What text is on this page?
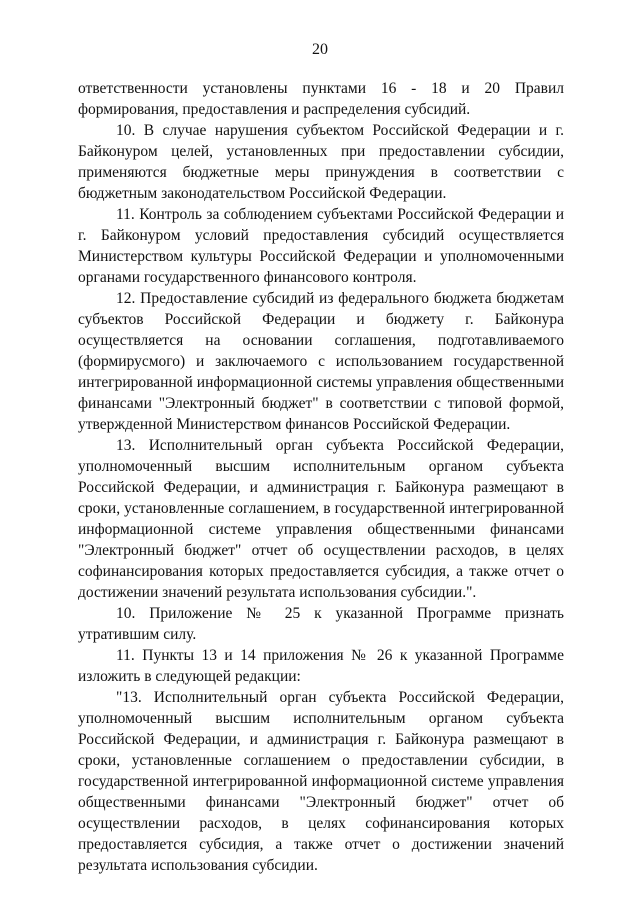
20

ответственности установлены пунктами 16 - 18 и 20 Правил формирования, предоставления и распределения субсидий.

10. В случае нарушения субъектом Российской Федерации и г. Байконуром целей, установленных при предоставлении субсидии, применяются бюджетные меры принуждения в соответствии с бюджетным законодательством Российской Федерации.

11. Контроль за соблюдением субъектами Российской Федерации и г. Байконуром условий предоставления субсидий осуществляется Министерством культуры Российской Федерации и уполномоченными органами государственного финансового контроля.

12. Предоставление субсидий из федерального бюджета бюджетам субъектов Российской Федерации и бюджету г. Байконура осуществляется на основании соглашения, подготавливаемого (формирусмого) и заключаемого с использованием государственной интегрированной информационной системы управления общественными финансами "Электронный бюджет" в соответствии с типовой формой, утвержденной Министерством финансов Российской Федерации.

13. Исполнительный орган субъекта Российской Федерации, уполномоченный высшим исполнительным органом субъекта Российской Федерации, и администрация г. Байконура размещают в сроки, установленные соглашением, в государственной интегрированной информационной системе управления общественными финансами "Электронный бюджет" отчет об осуществлении расходов, в целях софинансирования которых предоставляется субсидия, а также отчет о достижении значений результата использования субсидии.".

10. Приложение № 25 к указанной Программе признать утратившим силу.

11. Пункты 13 и 14 приложения № 26 к указанной Программе изложить в следующей редакции:

"13. Исполнительный орган субъекта Российской Федерации, уполномоченный высшим исполнительным органом субъекта Российской Федерации, и администрация г. Байконура размещают в сроки, установленные соглашением о предоставлении субсидии, в государственной интегрированной информационной системе управления общественными финансами "Электронный бюджет" отчет об осуществлении расходов, в целях софинансирования которых предоставляется субсидия, а также отчет о достижении значений результата использования субсидии.
